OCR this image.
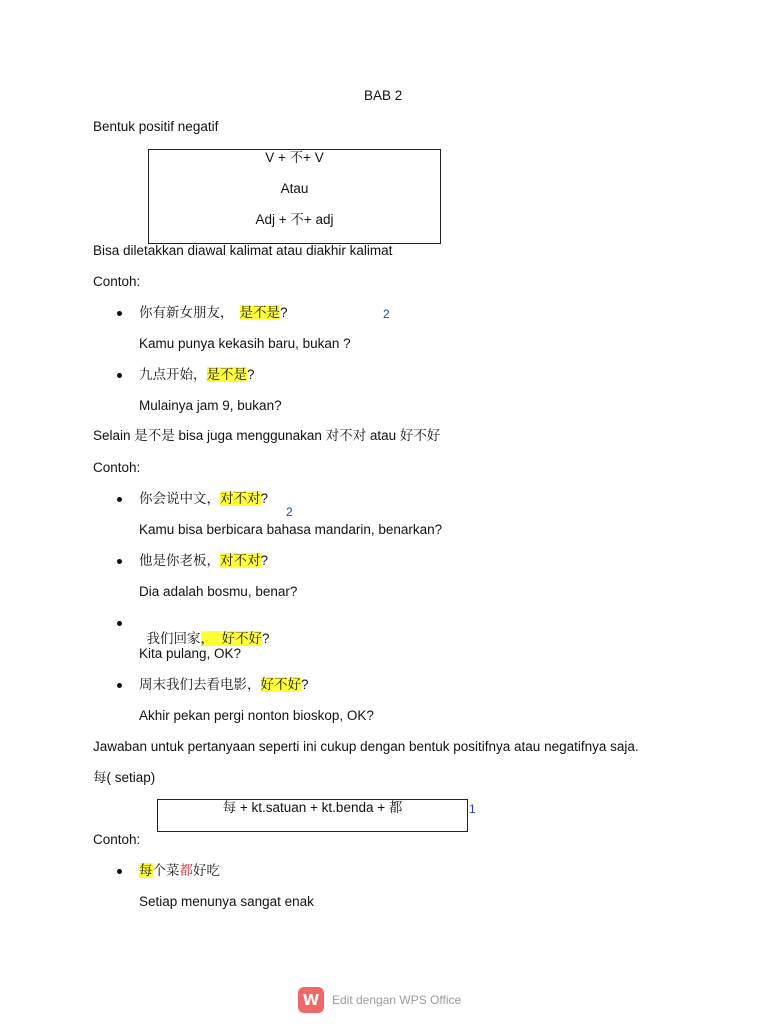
BAB 2
Bentuk positif negatif
V + 不+ V
Atau
Adj + 不+ adj
Bisa diletakkan diawal kalimat atau diakhir kalimat
Contoh:
你有新女朋友， 是不是?	2
Kamu punya kekasih baru, bukan ?
九点开始，是不是?
Mulainya jam 9, bukan?
Selain 是不是 bisa juga menggunakan 对不对 atau 好不好
Contoh:
你会说中文，对不对?
2
Kamu bisa berbicara bahasa mandarin, benarkan?
他是你老板，对不对?
Dia adalah bosmu, benar?

我们回家，  好不好?

Kita pulang, OK?
周末我们去看电影，好不好?
Akhir pekan pergi nonton bioskop, OK?
Jawaban untuk pertanyaan seperti ini cukup dengan bentuk positifnya atau negatifnya saja.
每( setiap)
每 + kt.satuan + kt.benda + 都	1
Contoh:
每个菜都好吃
Setiap menunya sangat enak
W	Edit dengan WPS Office
